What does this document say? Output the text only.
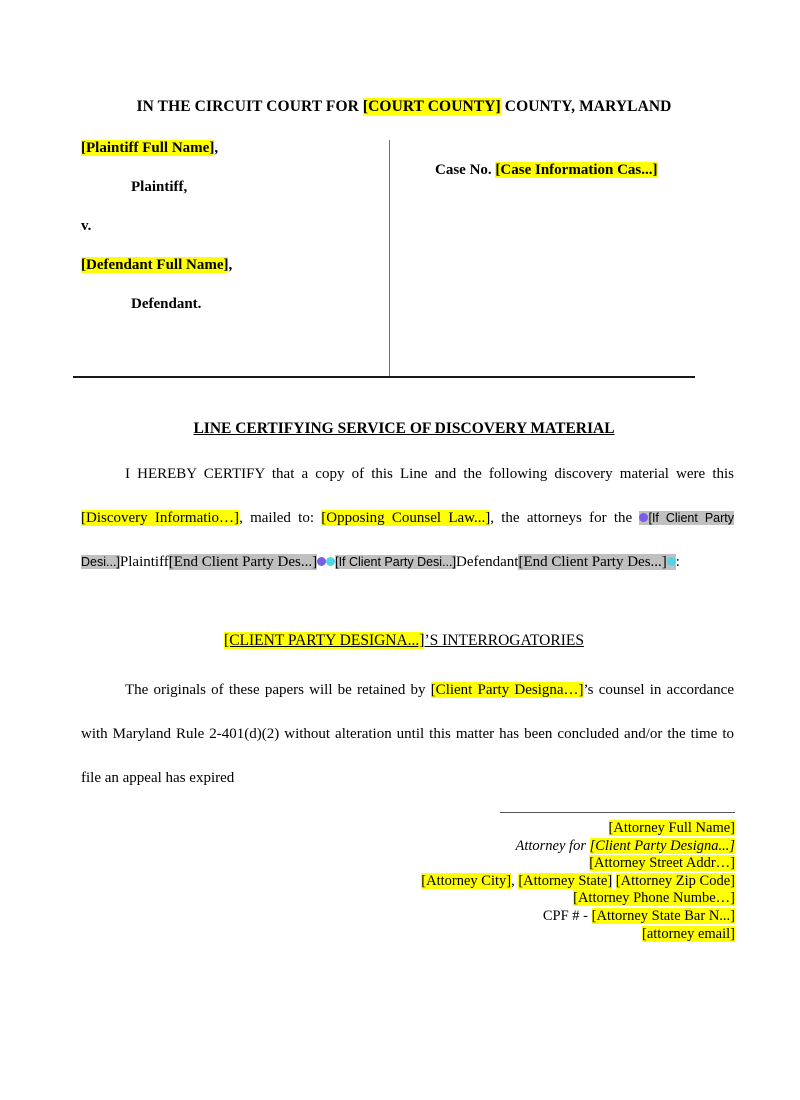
IN THE CIRCUIT COURT FOR [COURT COUNTY] COUNTY, MARYLAND
[Plaintiff Full Name],
Plaintiff,
v.
[Defendant Full Name],
Defendant.
Case No. [Case Information Cas...]
LINE CERTIFYING SERVICE OF DISCOVERY MATERIAL

I HEREBY CERTIFY that a copy of this Line and the following discovery material were this [Discovery Informatio…], mailed to: [Opposing Counsel Law...], the attorneys for the [If Client Party Desi...]Plaintiff[End Client Party Des...] [If Client Party Desi...]Defendant[End Client Party Des...] :

[CLIENT PARTY DESIGNA...]’S INTERROGATORIES

The originals of these papers will be retained by [Client Party Designa…]’s counsel in accordance with Maryland Rule 2-401(d)(2) without alteration until this matter has been concluded and/or the time to file an appeal has expired

[Attorney Full Name]
Attorney for [Client Party Designa...]
[Attorney Street Addr…]
[Attorney City], [Attorney State] [Attorney Zip Code]
[Attorney Phone Numbe…]
CPF # - [Attorney State Bar N...]
[attorney email]
